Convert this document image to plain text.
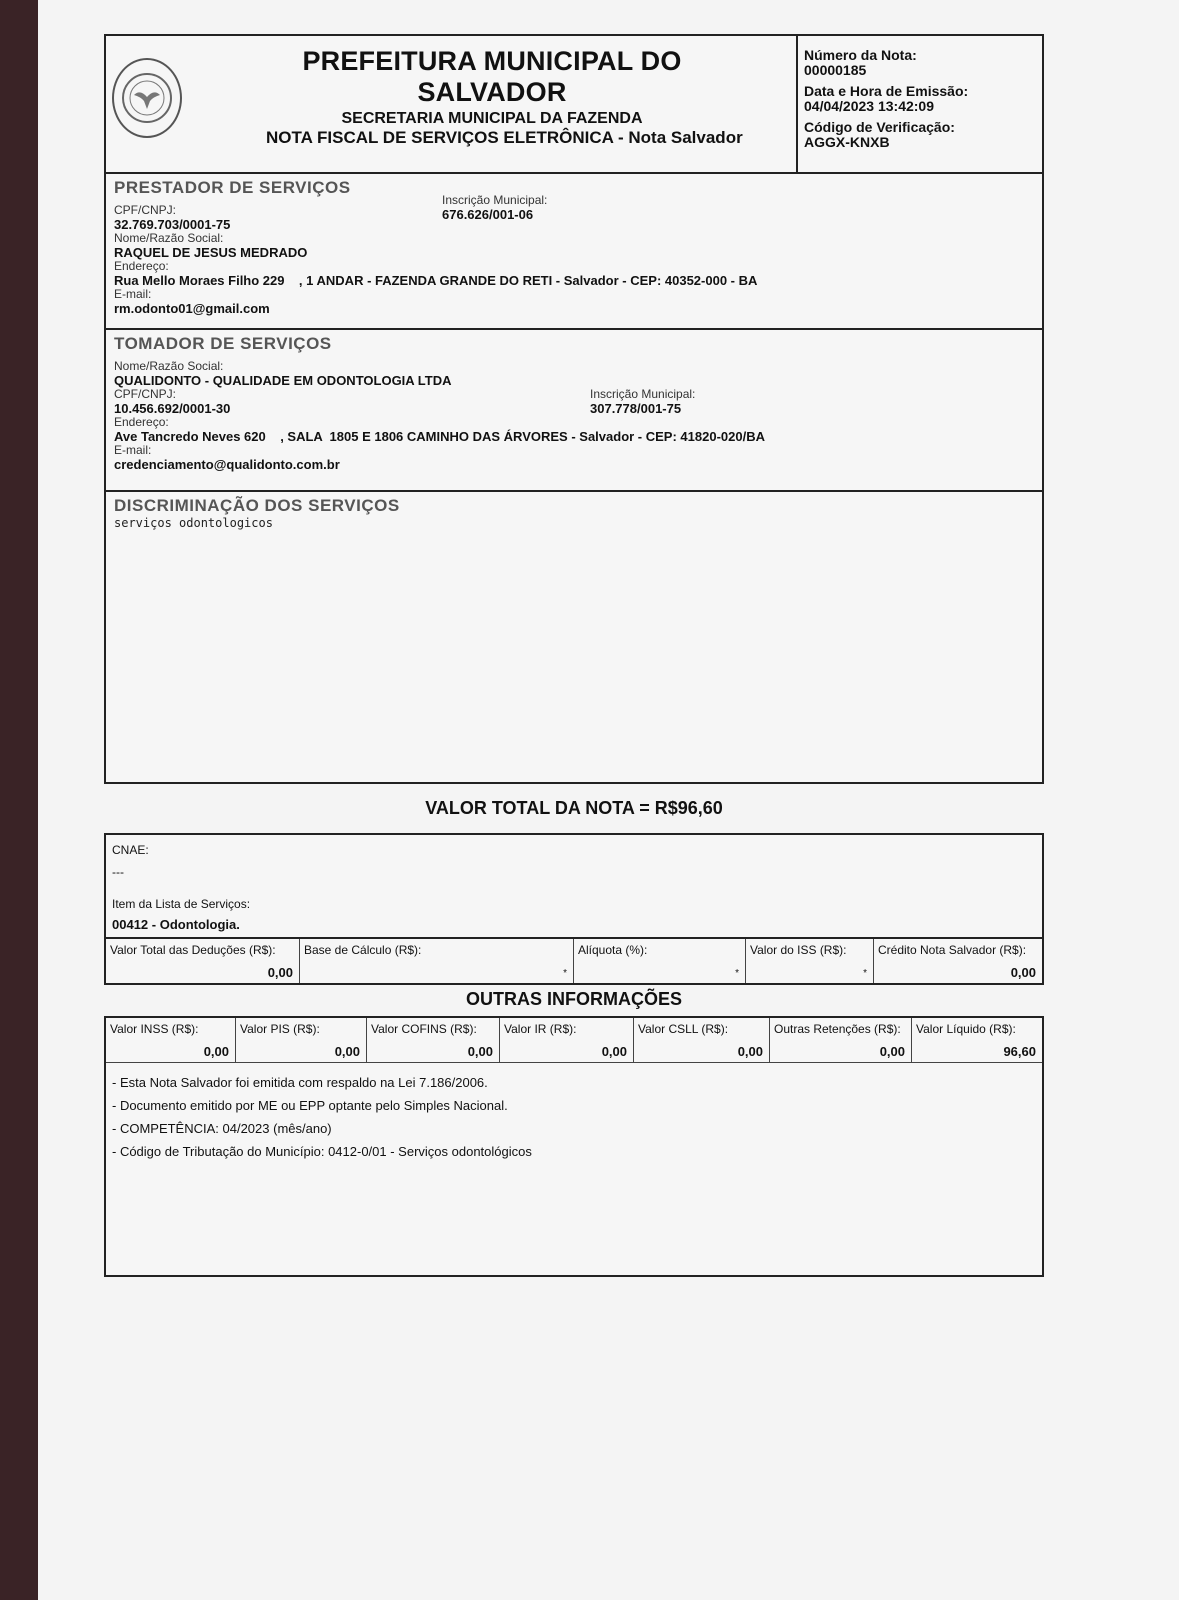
PREFEITURA MUNICIPAL DO SALVADOR
SECRETARIA MUNICIPAL DA FAZENDA
NOTA FISCAL DE SERVIÇOS ELETRÔNICA - Nota Salvador
Número da Nota:
00000185
Data e Hora de Emissão:
04/04/2023 13:42:09
Código de Verificação:
AGGX-KNXB
PRESTADOR DE SERVIÇOS
CPF/CNPJ:
32.769.703/0001-75
Inscrição Municipal:
676.626/001-06
Nome/Razão Social:
RAQUEL DE JESUS MEDRADO
Endereço:
Rua Mello Moraes Filho 229    , 1 ANDAR - FAZENDA GRANDE DO RETI - Salvador - CEP: 40352-000 - BA
E-mail:
rm.odonto01@gmail.com
TOMADOR DE SERVIÇOS
Nome/Razão Social:
QUALIDONTO - QUALIDADE EM ODONTOLOGIA LTDA
CPF/CNPJ:
10.456.692/0001-30
Inscrição Municipal:
307.778/001-75
Endereço:
Ave Tancredo Neves 620    , SALA  1805 E 1806 CAMINHO DAS ÁRVORES - Salvador - CEP: 41820-020/BA
E-mail:
credenciamento@qualidonto.com.br
DISCRIMINAÇÃO DOS SERVIÇOS
serviços odontologicos
VALOR TOTAL DA NOTA = R$96,60
CNAE:
---
Item da Lista de Serviços:
00412 - Odontologia.
Valor Total das Deduções (R$):
0,00
Base de Cálculo (R$):
*
Alíquota (%):
*
Valor do ISS (R$):
*
Crédito Nota Salvador (R$):
0,00
OUTRAS INFORMAÇÕES
Valor INSS (R$):
0,00
Valor PIS (R$):
0,00
Valor COFINS (R$):
0,00
Valor IR (R$):
0,00
Valor CSLL (R$):
0,00
Outras Retenções (R$):
0,00
Valor Líquido (R$):
96,60
- Esta Nota Salvador foi emitida com respaldo na Lei 7.186/2006.
- Documento emitido por ME ou EPP optante pelo Simples Nacional.
- COMPETÊNCIA: 04/2023 (mês/ano)
- Código de Tributação do Município: 0412-0/01 - Serviços odontológicos
